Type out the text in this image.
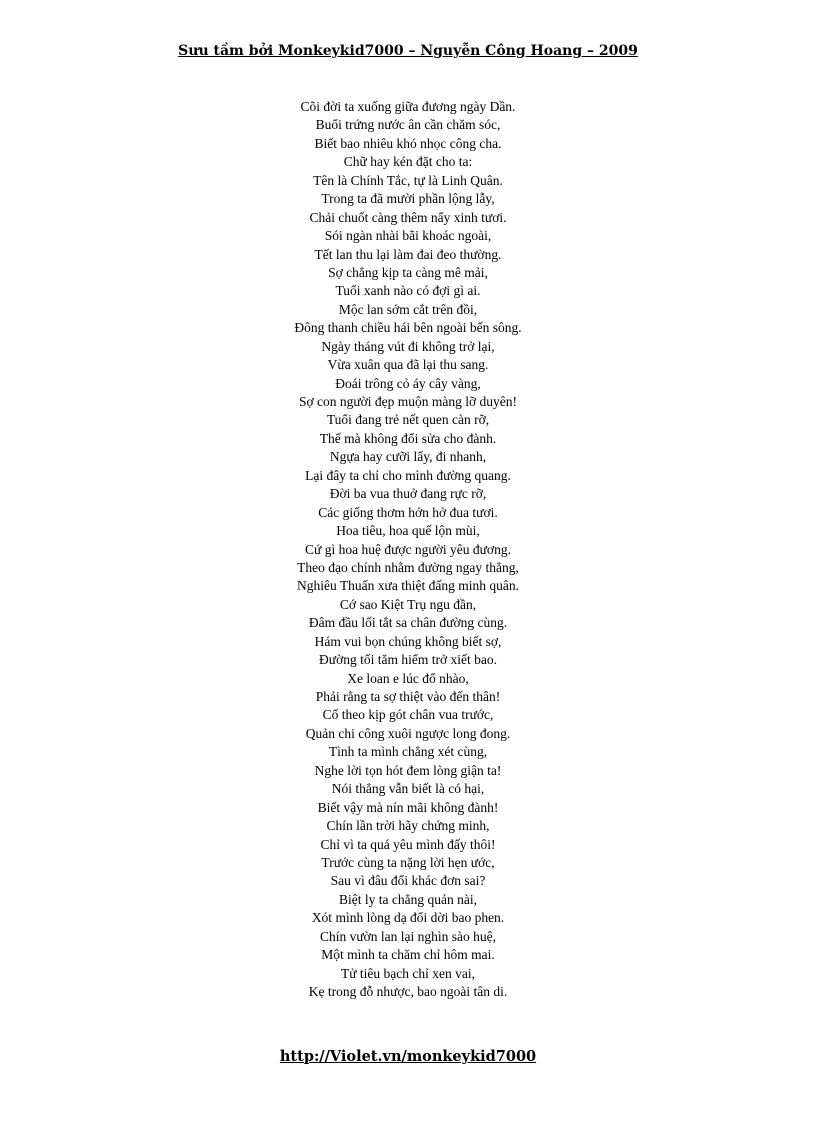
Sưu tầm bởi Monkeykid7000 – Nguyễn Công Hoang – 2009
Cõi đời ta xuống giữa đương ngày Dần.
Buổi trứng nước ân cần chăm sóc,
Biết bao nhiêu khó nhọc công cha.
Chữ hay kén đặt cho ta:
Tên là Chính Tắc, tự là Linh Quân.
Trong ta đã mười phần lộng lẫy,
Chải chuốt càng thêm nẩy xinh tươi.
Sói ngàn nhài bãi khoác ngoài,
Tết lan thu lại làm đai đeo thường.
Sợ chẳng kịp ta càng mê mải,
Tuổi xanh nào có đợi gì ai.
Mộc lan sớm cắt trên đồi,
Đông thanh chiều hái bên ngoài bến sông.
Ngày tháng vút đi không trở lại,
Vừa xuân qua đã lại thu sang.
Đoái trông cỏ áy cây vàng,
Sợ con người đẹp muộn màng lỡ duyên!
Tuổi đang trẻ nết quen càn rỡ,
Thế mà không đổi sửa cho đành.
Ngựa hay cưỡi lẩy, đi nhanh,
Lại đây ta chỉ cho mình đường quang.
Đời ba vua thuở đang rực rỡ,
Các giống thơm hớn hở đua tươi.
Hoa tiêu, hoa quế lộn mùi,
Cứ gì hoa huệ được người yêu đương.
Theo đạo chính nhằm đường ngay thẳng,
Nghiêu Thuấn xưa thiệt đấng minh quân.
Cớ sao Kiệt Trụ ngu đần,
Đâm đầu lối tắt sa chân đường cùng.
Hám vui bọn chúng không biết sợ,
Đường tối tăm hiểm trở xiết bao.
Xe loan e lúc đổ nhào,
Phải rằng ta sợ thiệt vào đến thân!
Cố theo kịp gót chân vua trước,
Quản chi công xuôi ngược long đong.
Tình ta mình chẳng xét cùng,
Nghe lời tọn hót đem lòng giận ta!
Nói thẳng vẫn biết là có hại,
Biết vậy mà nín mãi không đành!
Chín lần trời hãy chứng minh,
Chỉ vì ta quá yêu mình đấy thôi!
Trước cùng ta nặng lời hẹn ước,
Sau vì đâu đổi khác đơn sai?
Biệt ly ta chẳng quản nài,
Xót mình lòng dạ đổi dời bao phen.
Chín vườn lan lại nghìn sào huệ,
Một mình ta chăm chỉ hôm mai.
Tử tiêu bạch chỉ xen vai,
Kẹ trong đỗ nhược, bao ngoài tân di.
http://Violet.vn/monkeykid7000
